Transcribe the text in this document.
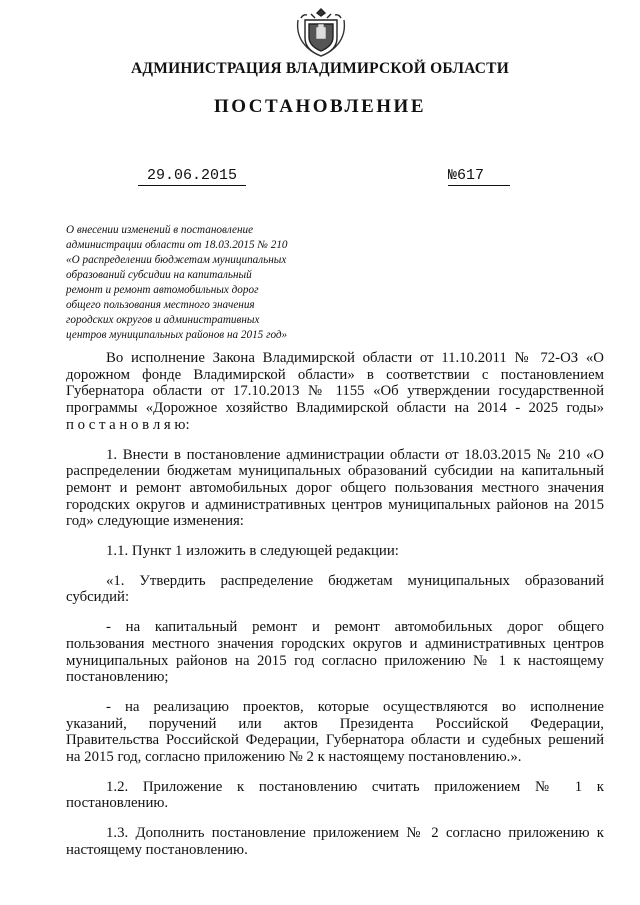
АДМИНИСТРАЦИЯ ВЛАДИМИРСКОЙ ОБЛАСТИ
ПОСТАНОВЛЕНИЕ
29.06.2015	№617
О внесении изменений в постановление
администрации области от 18.03.2015 № 210
«О распределении бюджетам муниципальных
образований субсидии на капитальный
ремонт и ремонт автомобильных дорог
общего пользования местного значения
городских округов и административных
центров муниципальных районов на 2015 год»

Во исполнение Закона Владимирской области от 11.10.2011 № 72-ОЗ «О

дорожном фонде Владимирской области» в соответствии с постановлением

Губернатора области от 17.10.2013 № 1155 «Об утверждении государственной

программы «Дорожное хозяйство Владимирской области на 2014 - 2025 годы»

п о с т а н о в л я ю:

1. Внести в постановление администрации области от 18.03.2015 № 210 «О

распределении бюджетам муниципальных образований субсидии на капитальный

ремонт и ремонт автомобильных дорог общего пользования местного значения

городских округов и административных центров муниципальных районов на 2015

год» следующие изменения:

1.1. Пункт 1 изложить в следующей редакции:

«1. Утвердить распределение бюджетам муниципальных образований

субсидий:

- на капитальный ремонт и ремонт автомобильных дорог общего

пользования местного значения городских округов и административных центров

муниципальных районов на 2015 год согласно приложению № 1 к настоящему

постановлению;

- на реализацию проектов, которые осуществляются во исполнение

указаний, поручений или актов Президента Российской Федерации,

Правительства Российской Федерации, Губернатора области и судебных решений

на 2015 год, согласно приложению № 2 к настоящему постановлению.».

1.2. Приложение к постановлению считать приложением № 1 к

постановлению.

1.3. Дополнить постановление приложением № 2 согласно приложению к

настоящему постановлению.
